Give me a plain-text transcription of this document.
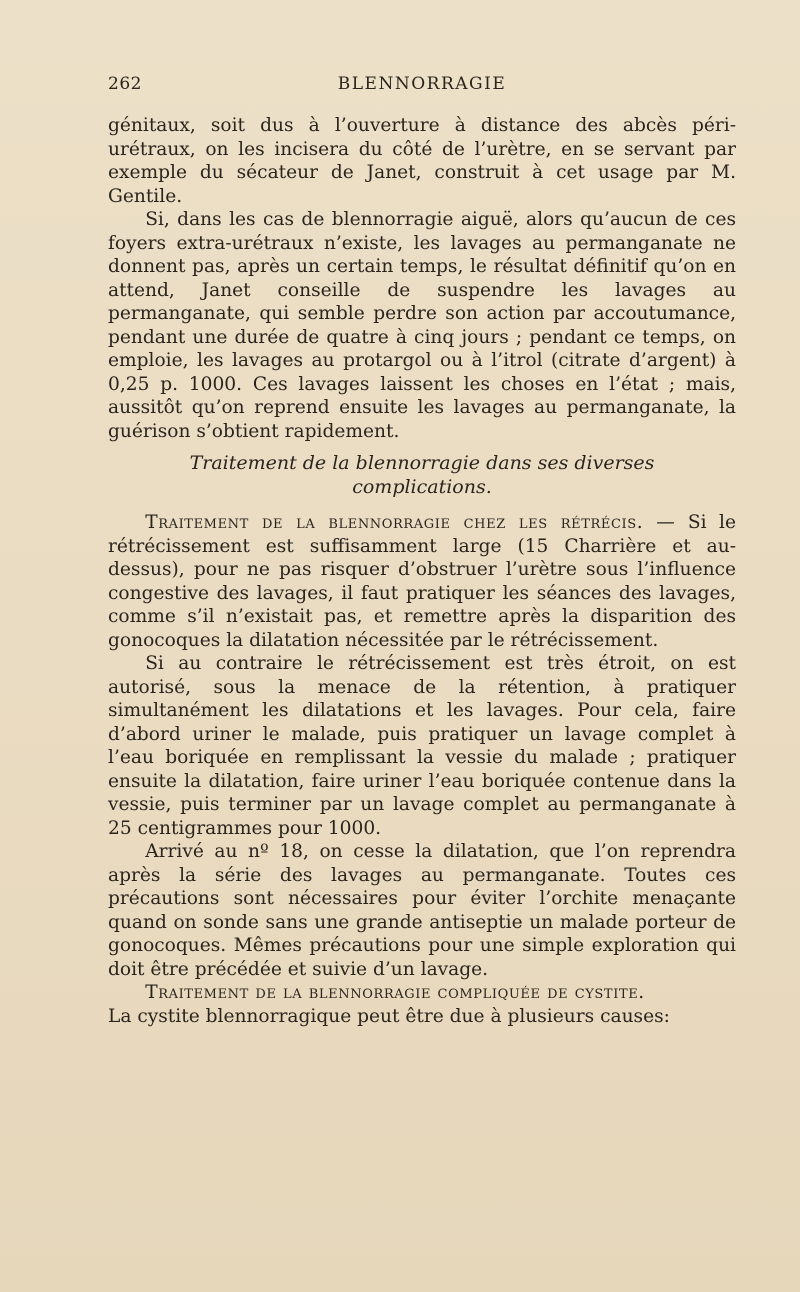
262	BLENNORRAGIE

génitaux, soit dus à l’ouverture à distance des abcès péri-urétraux, on les incisera du côté de l’urètre, en se servant par exemple du sécateur de Janet, construit à cet usage par M. Gentile.

Si, dans les cas de blennorragie aiguë, alors qu’aucun de ces foyers extra-urétraux n’existe, les lavages au permanganate ne donnent pas, après un certain temps, le résultat définitif qu’on en attend, Janet conseille de suspendre les lavages au permanganate, qui semble perdre son action par accoutumance, pendant une durée de quatre à cinq jours ; pendant ce temps, on emploie, les lavages au protargol ou à l’itrol (citrate d’argent) à 0,25 p. 1000. Ces lavages laissent les choses en l’état ; mais, aussitôt qu’on reprend ensuite les lavages au permanganate, la guérison s’obtient rapidement.

Traitement de la blennorragie dans ses diverses
complications.

Traitement de la blennorragie chez les rétrécis. — Si le rétrécissement est suffisamment large (15 Charrière et au-dessus), pour ne pas risquer d’obstruer l’urètre sous l’influence congestive des lavages, il faut pratiquer les séances des lavages, comme s’il n’existait pas, et remettre après la disparition des gonocoques la dilatation nécessitée par le rétrécissement.

Si au contraire le rétrécissement est très étroit, on est autorisé, sous la menace de la rétention, à pratiquer simultanément les dilatations et les lavages. Pour cela, faire d’abord uriner le malade, puis pratiquer un lavage complet à l’eau boriquée en remplissant la vessie du malade ; pratiquer ensuite la dilatation, faire uriner l’eau boriquée contenue dans la vessie, puis terminer par un lavage complet au permanganate à 25 centigrammes pour 1000.

Arrivé au nº 18, on cesse la dilatation, que l’on reprendra après la série des lavages au permanganate. Toutes ces précautions sont nécessaires pour éviter l’orchite menaçante quand on sonde sans une grande antiseptie un malade porteur de gonocoques. Mêmes précautions pour une simple exploration qui doit être précédée et suivie d’un lavage.

Traitement de la blennorragie compliquée de cystite.

La cystite blennorragique peut être due à plusieurs causes:
